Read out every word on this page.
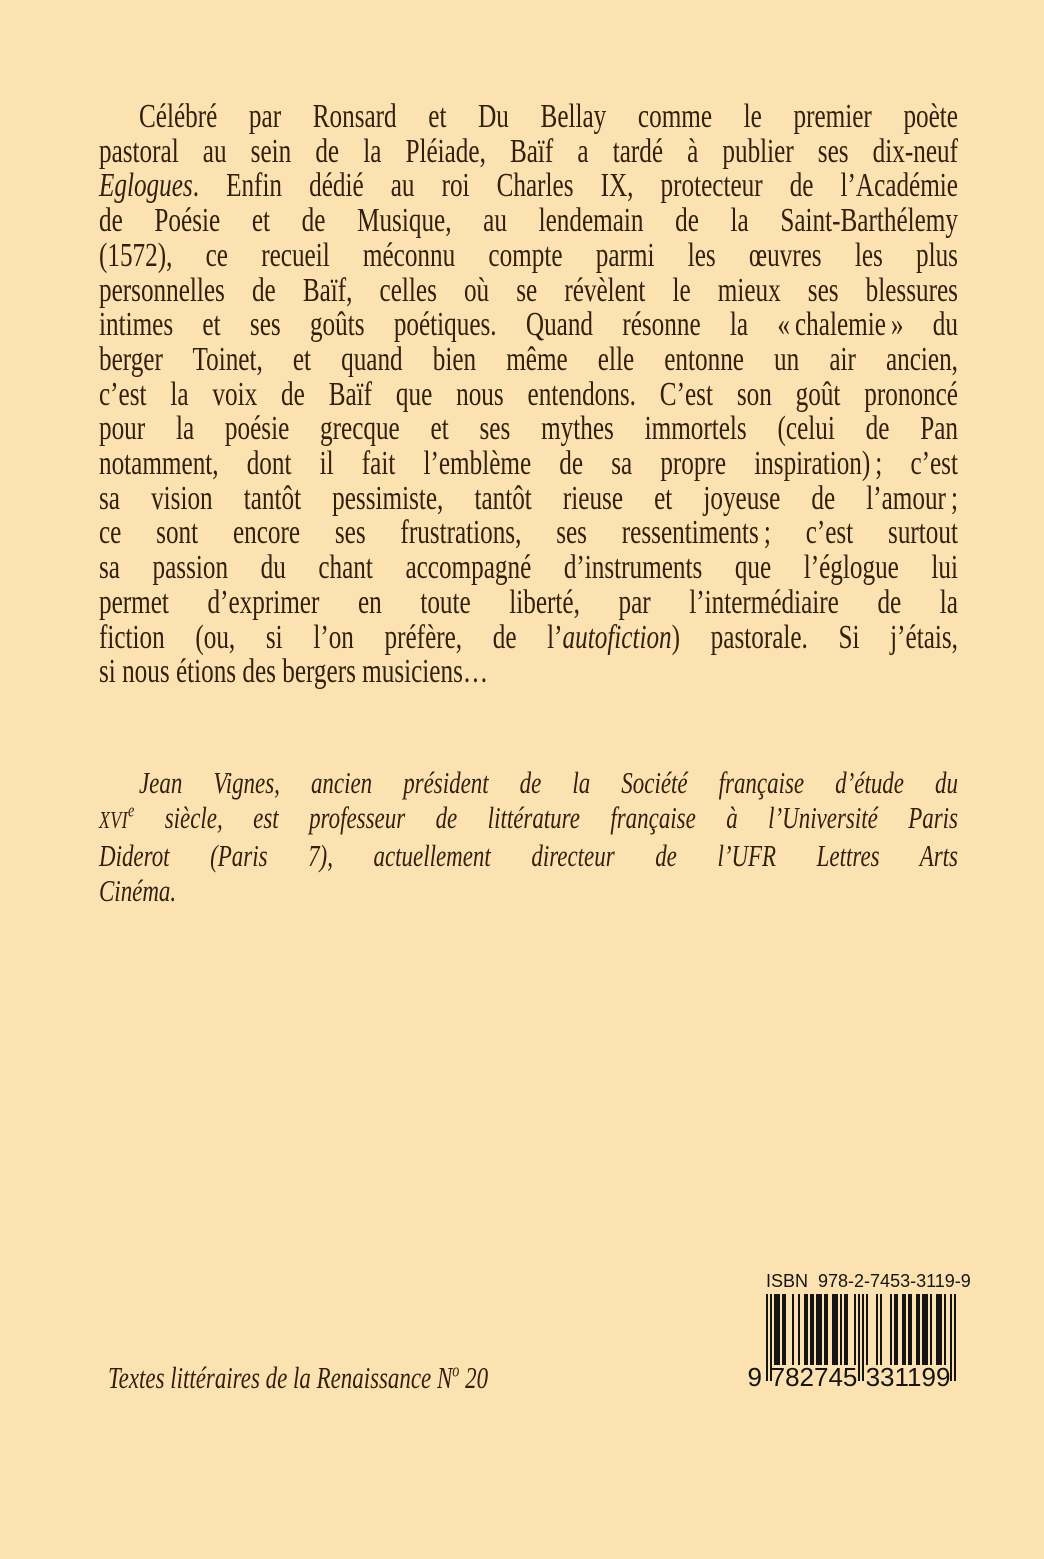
Célébré par Ronsard et Du Bellay comme le premier poète
pastoral au sein de la Pléiade, Baïf a tardé à publier ses dix-neuf
Eglogues. Enfin dédié au roi Charles IX, protecteur de l’Académie
de Poésie et de Musique, au lendemain de la Saint-Barthélemy
(1572), ce recueil méconnu compte parmi les œuvres les plus
personnelles de Baïf, celles où se révèlent le mieux ses blessures
intimes et ses goûts poétiques. Quand résonne la « chalemie » du
berger Toinet, et quand bien même elle entonne un air ancien,
c’est la voix de Baïf que nous entendons. C’est son goût prononcé
pour la poésie grecque et ses mythes immortels (celui de Pan
notamment, dont il fait l’emblème de sa propre inspiration) ; c’est
sa vision tantôt pessimiste, tantôt rieuse et joyeuse de l’amour ;
ce sont encore ses frustrations, ses ressentiments ; c’est surtout
sa passion du chant accompagné d’instruments que l’églogue lui
permet d’exprimer en toute liberté, par l’intermédiaire de la
fiction (ou, si l’on préfère, de l’autofiction) pastorale. Si j’étais,
si nous étions des bergers musiciens…
Jean Vignes, ancien président de la Société française d’étude du
XVIe siècle, est professeur de littérature française à l’Université Paris
Diderot (Paris 7), actuellement directeur de l’UFR Lettres Arts
Cinéma.
Textes littéraires de la Renaissance $N^o$ 20
ISBN  978-2-7453-3119-9
9 782745 331199
